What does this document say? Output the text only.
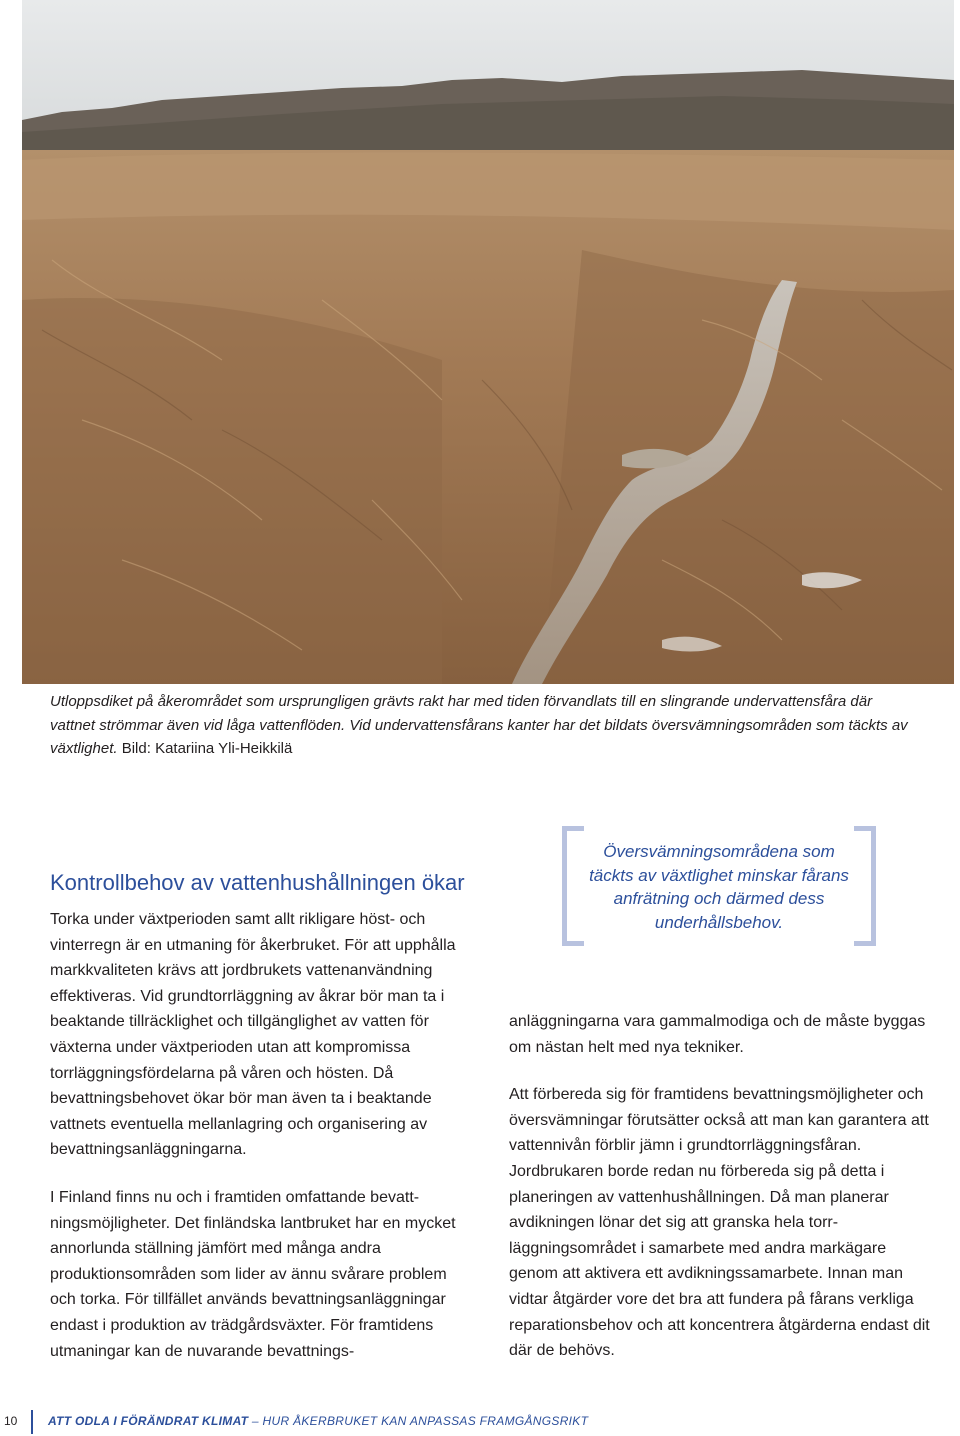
Utloppsdiket på åkerområdet som ursprungligen grävts rakt har med tiden förvandlats till en slingrande undervattensfåra där vattnet strömmar även vid låga vattenflöden. Vid undervattensfårans kanter har det bildats översvämningsområden som täckts av växtlighet. Bild: Katariina Yli-Heikkilä
Kontrollbehov av vattenhushållningen ökar

Torka under växtperioden samt allt rikligare höst- och vinterregn är en utmaning för åkerbruket. För att upphålla markkvaliteten krävs att jordbrukets vattenanvändning effektiveras. Vid grundtorrläggning av åkrar bör man ta i beaktande tillräcklighet och tillgänglighet av vatten för växterna under växtperioden utan att kompromissa torrläggningsfördelarna på våren och hösten. Då bevattningsbehovet ökar bör man även ta i beaktande vattnets eventuella mellanlagring och organisering av bevattningsanläggningarna.

I Finland finns nu och i framtiden omfattande bevattningsmöjligheter. Det finländska lantbruket har en mycket annorlunda ställning jämfört med många andra produktionsområden som lider av ännu svårare problem och torka. För tillfället används bevattningsanläggningar endast i produktion av trädgårdsväxter. För framtidens utmaningar kan de nuvarande bevattnings-

Översvämningsområdena som täckts av växtlighet minskar fårans anfrätning och därmed dess underhållsbehov.

anläggningarna vara gammalmodiga och de måste byggas om nästan helt med nya tekniker.

Att förbereda sig för framtidens bevattningsmöjligheter och översvämningar förutsätter också att man kan garantera att vattennivån förblir jämn i grundtorrläggningsfåran. Jordbrukaren borde redan nu förbereda sig på detta i planeringen av vattenhushållningen. Då man planerar avdikningen lönar det sig att granska hela torrläggningsområdet i samarbete med andra markägare genom att aktivera ett avdikningssamarbete. Innan man vidtar åtgärder vore det bra att fundera på fårans verkliga reparationsbehov och att koncentrera åtgärderna endast dit där de behövs.

10	ATT ODLA I FÖRÄNDRAT KLIMAT – HUR ÅKERBRUKET KAN ANPASSAS FRAMGÅNGSRIKT
